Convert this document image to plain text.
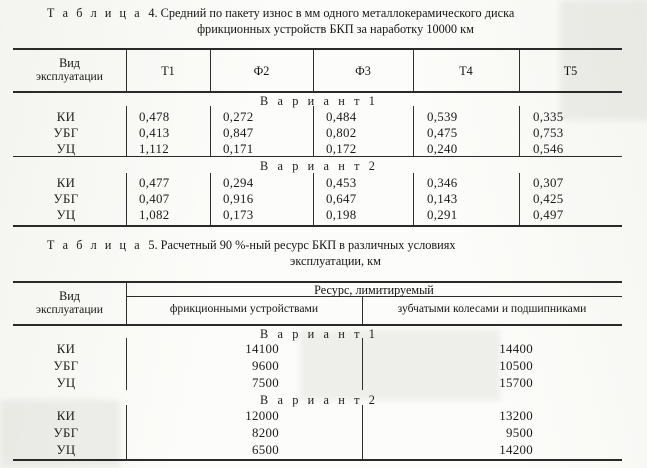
Т а б л и ц а 4. Средний по пакету износ в мм одного металлокерамического диска
фрикционных устройств БКП за наработку 10000 км
Вид
эксплуатации	Т1	Ф2	Ф3	Т4	Т5
В а р и а н т 1
КИ	0,478	0,272	0,484	0,539	0,335
УБГ	0,413	0,847	0,802	0,475	0,753
УЦ	1,112	0,171	0,172	0,240	0,546
В а р и а н т 2
КИ	0,477	0,294	0,453	0,346	0,307
УБГ	0,407	0,916	0,647	0,143	0,425
УЦ	1,082	0,173	0,198	0,291	0,497
Т а б л и ц а 5. Расчетный 90 %-ный ресурс БКП в различных условиях
эксплуатации, км
Вид
эксплуатации
Ресурс, лимитируемый
фрикционными устройствами	зубчатыми колесами и подшипниками
В а р и а н т 1
КИ	14100	14400
УБГ	9600	10500
УЦ	7500	15700
В а р и а н т 2
КИ	12000	13200
УБГ	8200	9500
УЦ	6500	14200
